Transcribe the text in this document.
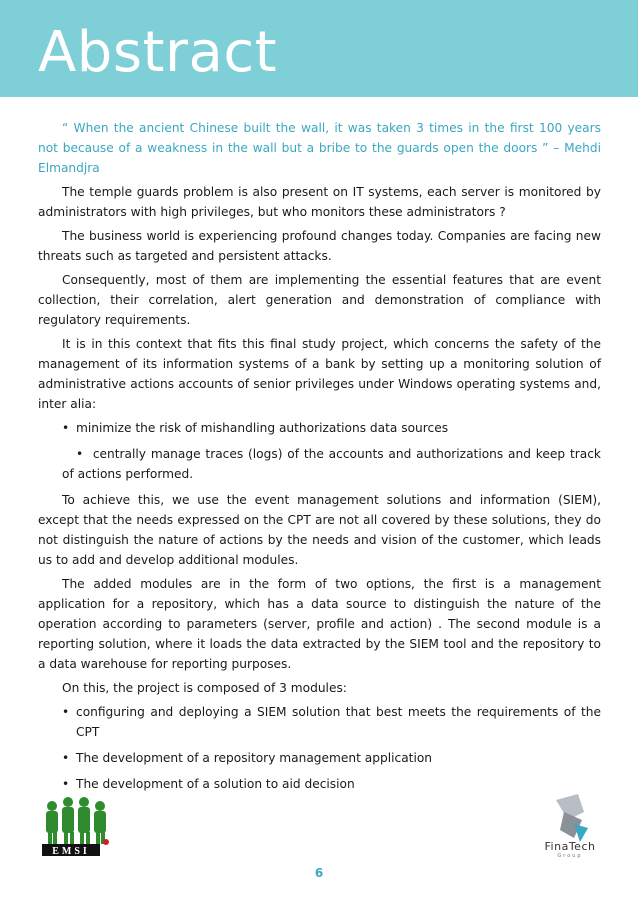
Abstract

“ When the ancient Chinese built the wall, it was taken 3 times in the first 100 years not because of a weakness in the wall but a bribe to the guards open the doors ” – Mehdi Elmandjra

The temple guards problem is also present on IT systems, each server is monitored by administrators with high privileges, but who monitors these administrators ?

The business world is experiencing profound changes today. Companies are facing new threats such as targeted and persistent attacks.

Consequently, most of them are implementing the essential features that are event collection, their correlation, alert generation and demonstration of compliance with regulatory requirements.

It is in this context that fits this final study project, which concerns the safety of the management of its information systems of a bank by setting up a monitoring solution of administrative actions accounts of senior privileges under Windows operating systems and, inter alia:

• minimize the risk of mishandling authorizations data sources
• centrally manage traces (logs) of the accounts and authorizations and keep track of actions performed.

To achieve this, we use the event management solutions and information (SIEM), except that the needs expressed on the CPT are not all covered by these solutions, they do not distinguish the nature of actions by the needs and vision of the customer, which leads us to add and develop additional modules.

The added modules are in the form of two options, the first is a management application for a repository, which has a data source to distinguish the nature of the operation according to parameters (server, profile and action) . The second module is a reporting solution, where it loads the data extracted by the SIEM tool and the repository to a data warehouse for reporting purposes.

On this, the project is composed of 3 modules:

• configuring and deploying a SIEM solution that best meets the requirements of the CPT
• The development of a repository management application
• The development of a solution to aid decision
EMSI	FinaTech
Group
6
